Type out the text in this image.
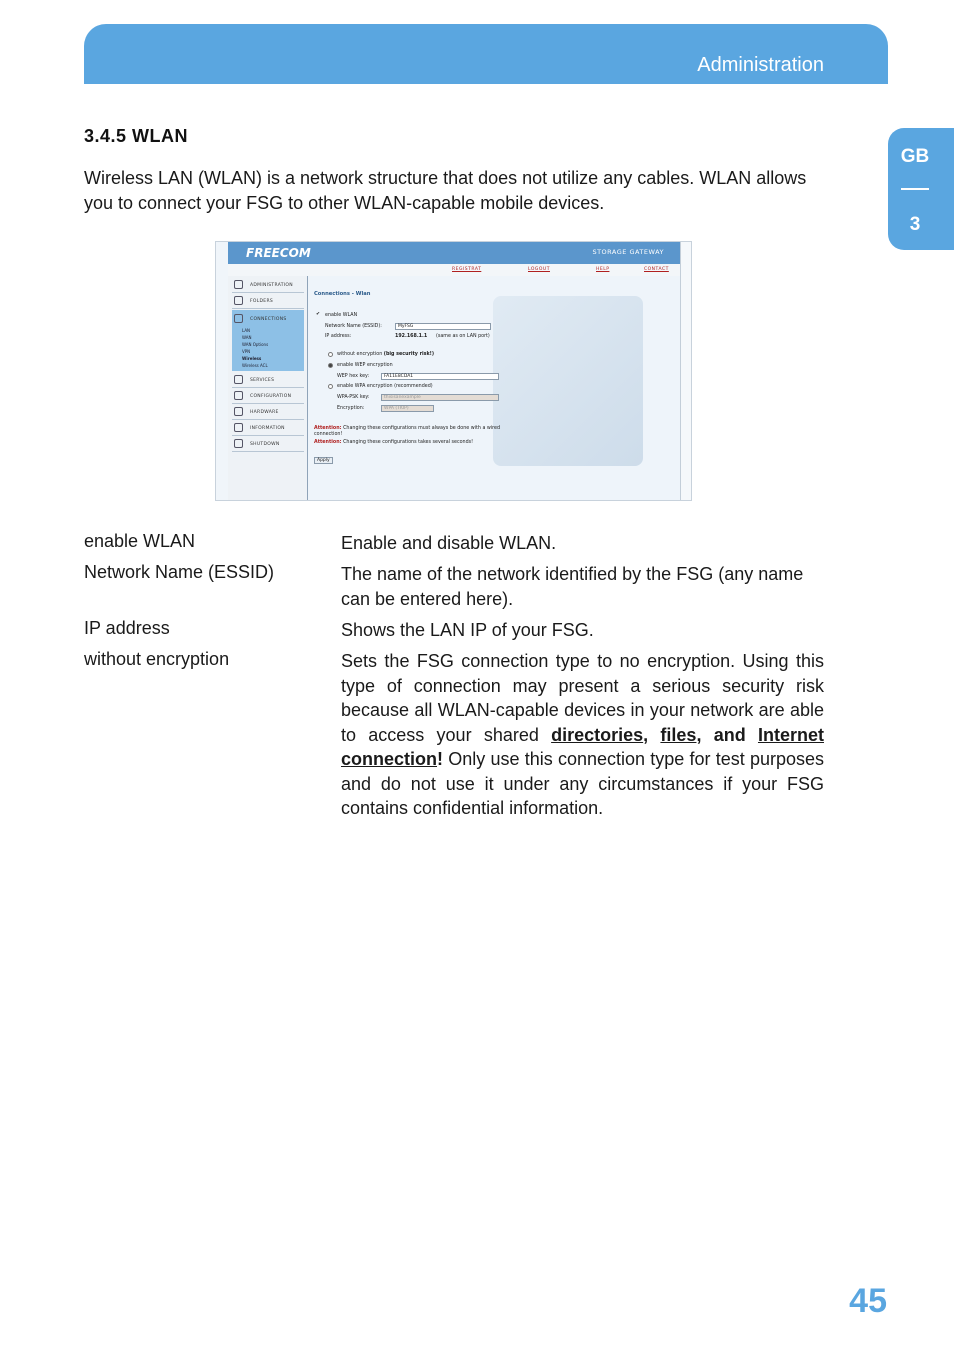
Administration
GB
3
3.4.5 WLAN

Wireless LAN (WLAN) is a network structure that does not utilize any cables. WLAN allows you to connect your FSG to other WLAN-capable mobile devices.

FREECOM	STORAGE GATEWAY
REGISTRAT	LOGOUT	HELP	CONTACT
ADMINISTRATION
FOLDERS
CONNECTIONS
LAN
WAN
WAN Options
VPN
Wireless
Wireless ACL
SERVICES
CONFIGURATION
HARDWARE
INFORMATION
SHUTDOWN
Connections - Wlan
✔ enable WLAN
Network Name (ESSID):	MyFSG
IP address:	192.168.1.1 (same as on LAN port)
without encryption (big security risk!)
enable WEP encryption
WEP hex key:	FA11E8CDA1
enable WPA encryption (recommended)
WPA-PSK key:	thisisanexample
Encryption:	WPA (TKIP)
Attention: Changing these configurations must always be done with a wired connection!
Attention: Changing these configurations takes several seconds!
Apply
enable WLAN	Enable and disable WLAN.

Network Name (ESSID)	The name of the network identified by the FSG (any name can be entered here).

IP address	Shows the LAN IP of your FSG.

without encryption	Sets the FSG connection type to no encryption. Using this type of connection may present a serious security risk because all WLAN-capable devices in your network are able to access your shared directories, files, and Internet connection! Only use this connection type for test purposes and do not use it under any circumstances if your FSG contains confidential information.

45
